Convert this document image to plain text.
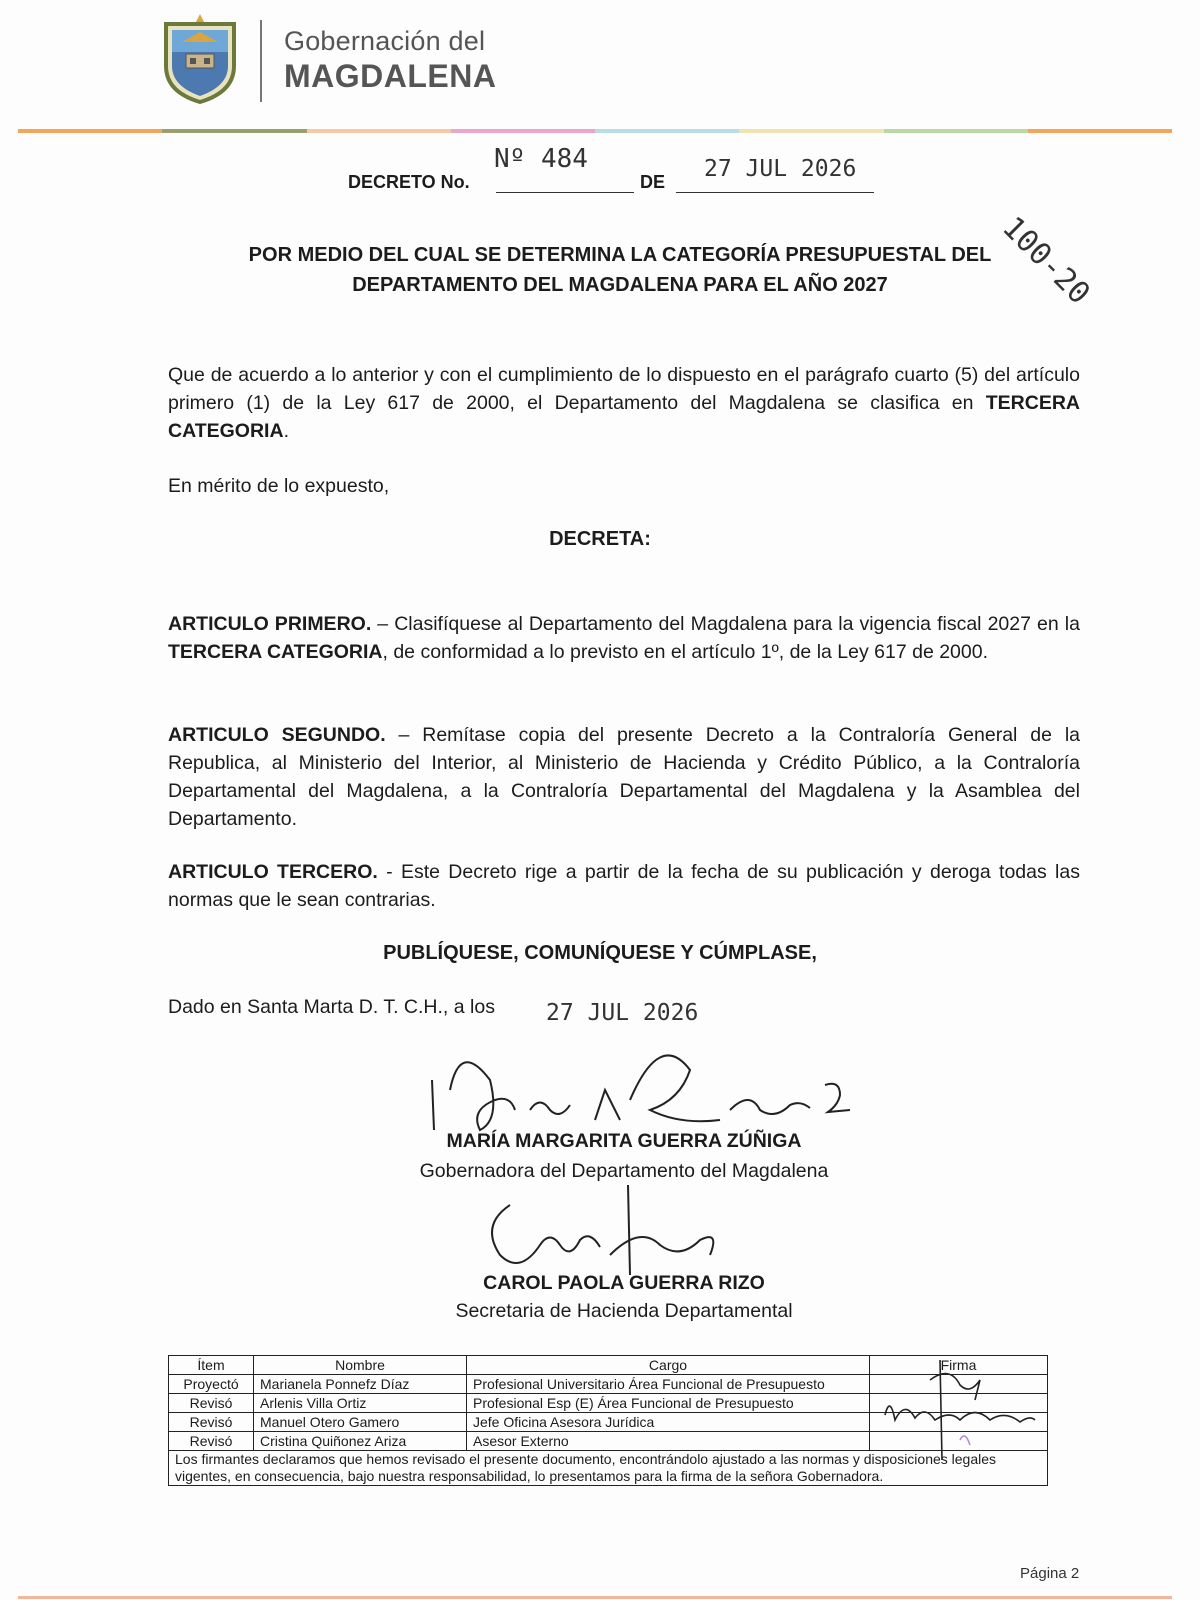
Gobernación del
MAGDALENA
DECRETO No.
Nº 484
DE 27 JUL 2026
100-20
POR MEDIO DEL CUAL SE DETERMINA LA CATEGORÍA PRESUPUESTAL DEL
DEPARTAMENTO DEL MAGDALENA PARA EL AÑO 2027
Que de acuerdo a lo anterior y con el cumplimiento de lo dispuesto en el parágrafo cuarto (5) del artículo primero (1) de la Ley 617 de 2000, el Departamento del Magdalena se clasifica en TERCERA CATEGORIA.
En mérito de lo expuesto,
DECRETA:
ARTICULO PRIMERO. – Clasifíquese al Departamento del Magdalena para la vigencia fiscal 2027 en la TERCERA CATEGORIA, de conformidad a lo previsto en el artículo 1º, de la Ley 617 de 2000.
ARTICULO SEGUNDO. – Remítase copia del presente Decreto a la Contraloría General de la Republica, al Ministerio del Interior, al Ministerio de Hacienda y Crédito Público, a la Contraloría Departamental del Magdalena, a la Contraloría Departamental del Magdalena y la Asamblea del Departamento.
ARTICULO TERCERO. - Este Decreto rige a partir de la fecha de su publicación y deroga todas las normas que le sean contrarias.
PUBLÍQUESE, COMUNÍQUESE Y CÚMPLASE,
Dado en Santa Marta D. T. C.H., a los 27 JUL 2026
MARÍA MARGARITA GUERRA ZÚÑIGA
Gobernadora del Departamento del Magdalena
CAROL PAOLA GUERRA RIZO
Secretaria de Hacienda Departamental
Ítem	Nombre	Cargo	Firma
Proyectó	Marianela Ponnefz Díaz	Profesional Universitario Área Funcional de Presupuesto	
Revisó	Arlenis Villa Ortiz	Profesional Esp (E) Área Funcional de Presupuesto	
Revisó	Manuel Otero Gamero	Jefe Oficina Asesora Jurídica	
Revisó	Cristina Quiñonez Ariza	Asesor Externo	
Los firmantes declaramos que hemos revisado el presente documento, encontrándolo ajustado a las normas y disposiciones legales vigentes, en consecuencia, bajo nuestra responsabilidad, lo presentamos para la firma de la señora Gobernadora.			
Página 2
